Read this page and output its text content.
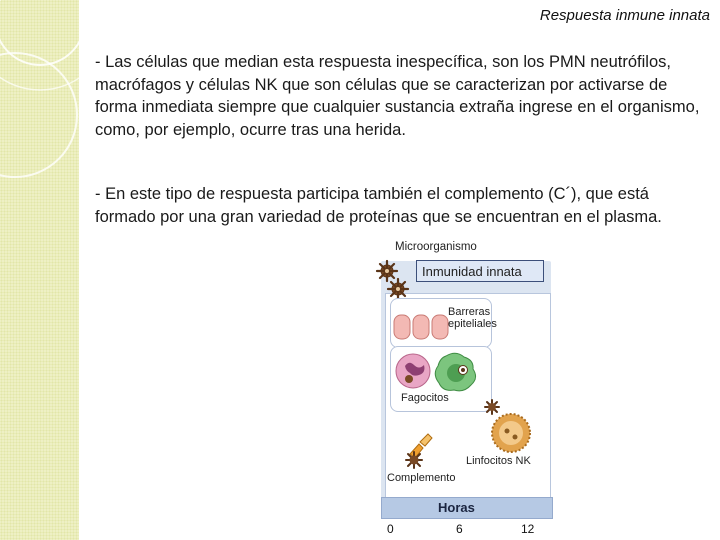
Respuesta inmune innata

- Las células que median esta respuesta inespecífica, son los PMN neutrófilos, macrófagos y células NK que son células que se caracterizan por activarse de forma inmediata siempre que cualquier sustancia extraña ingrese en el organismo, como, por ejemplo, ocurre tras una herida.

- En este tipo de respuesta participa también el complemento (C´), que está formado por una gran variedad de proteínas que se encuentran en el plasma.

Microorganismo
Inmunidad innata
Barreras
epiteliales
Fagocitos
Linfocitos NK
Complemento
Horas
0	6	12
